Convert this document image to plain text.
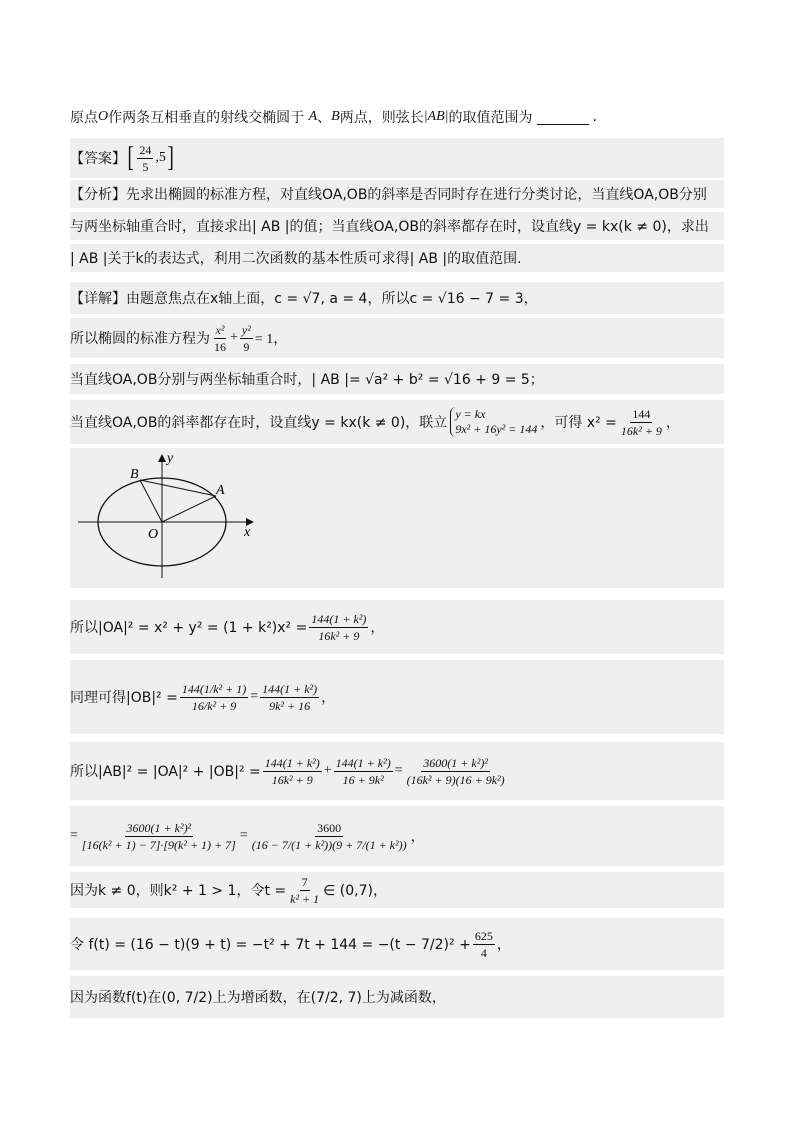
原点 O 作两条互相垂直的射线交椭圆于
A 、 B 两点，则弦长 |AB| 的取值范围为	.
【答案】 [ $\frac{24}{5} ,5$ ]
【分析】 先求出椭圆的标准方程，对直线OA,OB的斜率是否同时存在进行分类讨论，当直线OA,OB分别
与两坐标轴重合时，直接求出| AB |的值；当直线OA,OB的斜率都存在时，设直线y = kx(k ≠ 0)，求出
| AB |关于k的表达式，利用二次函数的基本性质可求得| AB |的取值范围.
【详解】 由题意焦点在x轴上面，c = √7, a = 4，所以c = √16 − 7 = 3，
所以椭圆的标准方程为 $\frac{\text{x²}}{16} + \frac{\text{y²}}{9} = 1$，
当直线OA,OB分别与两坐标轴重合时，| AB |= √a² + b² = √16 + 9 = 5；
当直线OA,OB的斜率都存在时，设直线y = kx(k ≠ 0)，联立
y = kx
9x² + 16y² = 144 ，可得 $x^2 = \frac{144}{\text{16k² + 9}}$ ，
y
x
O
A
B
所以$|OA|^2 = x^2 + y^2 = (1 + k^2)x^2 = \frac{\text{144(1 + k²)}}{\text{16k² + 9}}$ ，
同理可得$|OB|^2 = \frac{\text{144(1/k² + 1)}}{\text{16/k² + 9}} = \frac{\text{144(1 + k²)}}{\text{9k² + 16}}$ ，
所以$|AB|^2 = |OA|^2 + |OB|^2 = \frac{\text{144(1 + k²)}}{\text{16k² + 9}} + \frac{\text{144(1 + k²)}}{\text{16 + 9k²}} = \frac{\text{3600(1 + k²)²}}{\text{(16k² + 9)(16 + 9k²)}}$
= $\frac{\text{3600(1 + k²)²}}{\text{[16(k² + 1) − 7]·[9(k² + 1) + 7]}} = \frac{3600}{\text{(16 − 7/(1 + k²))(9 + 7/(1 + k²))}}$ ，
因为k ≠ 0，则k² + 1 > 1，令$t = \frac{7}{\text{k² + 1}}$ ∈ (0,7)，
令 $f(t) = (16 - t)(9 + t) = -t^2 + 7t + 144 = -(t - 7/2)^2 + \frac{625}{4}$ ，
因为函数f(t)在(0, 7/2)上为增函数，在(7/2, 7)上为减函数，
